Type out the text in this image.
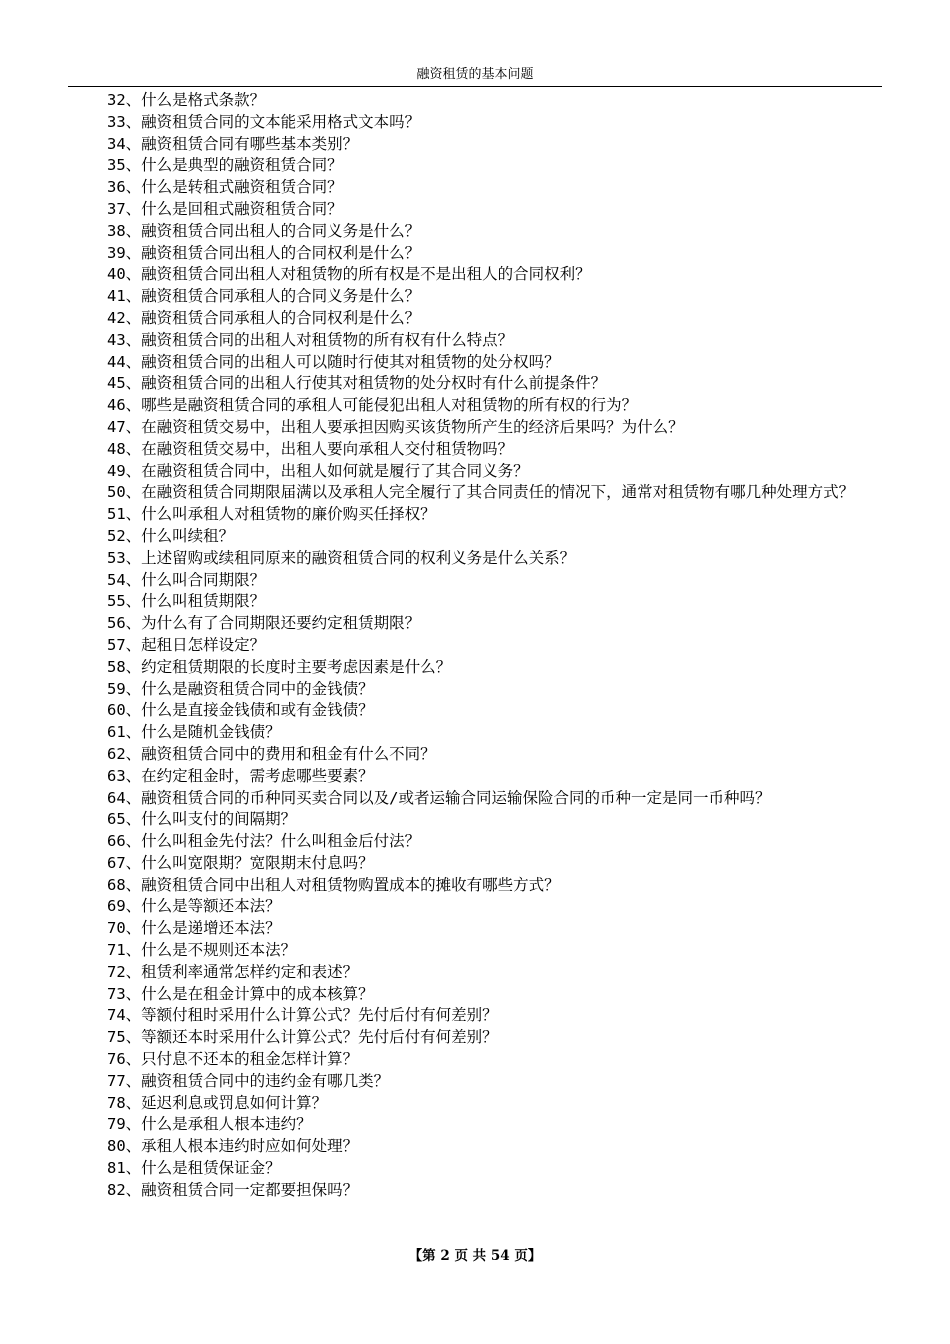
融资租赁的基本问题

32、什么是格式条款？

33、融资租赁合同的文本能采用格式文本吗？

34、融资租赁合同有哪些基本类别？

35、什么是典型的融资租赁合同？

36、什么是转租式融资租赁合同？

37、什么是回租式融资租赁合同？

38、融资租赁合同出租人的合同义务是什么？

39、融资租赁合同出租人的合同权利是什么？

40、融资租赁合同出租人对租赁物的所有权是不是出租人的合同权利？

41、融资租赁合同承租人的合同义务是什么？

42、融资租赁合同承租人的合同权利是什么？

43、融资租赁合同的出租人对租赁物的所有权有什么特点？

44、融资租赁合同的出租人可以随时行使其对租赁物的处分权吗？

45、融资租赁合同的出租人行使其对租赁物的处分权时有什么前提条件？

46、哪些是融资租赁合同的承租人可能侵犯出租人对租赁物的所有权的行为？

47、在融资租赁交易中，出租人要承担因购买该货物所产生的经济后果吗？为什么？

48、在融资租赁交易中，出租人要向承租人交付租赁物吗？

49、在融资租赁合同中，出租人如何就是履行了其合同义务？

50、在融资租赁合同期限届满以及承租人完全履行了其合同责任的情况下，通常对租赁物有哪几种处理方式？

51、什么叫承租人对租赁物的廉价购买任择权？

52、什么叫续租？

53、上述留购或续租同原来的融资租赁合同的权利义务是什么关系？

54、什么叫合同期限？

55、什么叫租赁期限？

56、为什么有了合同期限还要约定租赁期限？

57、起租日怎样设定？

58、约定租赁期限的长度时主要考虑因素是什么？

59、什么是融资租赁合同中的金钱债？

60、什么是直接金钱债和或有金钱债？

61、什么是随机金钱债？

62、融资租赁合同中的费用和租金有什么不同？

63、在约定租金时，需考虑哪些要素？

64、融资租赁合同的币种同买卖合同以及/或者运输合同运输保险合同的币种一定是同一币种吗？

65、什么叫支付的间隔期？

66、什么叫租金先付法？什么叫租金后付法？

67、什么叫宽限期？宽限期末付息吗？

68、融资租赁合同中出租人对租赁物购置成本的摊收有哪些方式？

69、什么是等额还本法？

70、什么是递增还本法？

71、什么是不规则还本法？

72、租赁利率通常怎样约定和表述？

73、什么是在租金计算中的成本核算？

74、等额付租时采用什么计算公式？先付后付有何差别？

75、等额还本时采用什么计算公式？先付后付有何差别？

76、只付息不还本的租金怎样计算？

77、融资租赁合同中的违约金有哪几类？

78、延迟利息或罚息如何计算？

79、什么是承租人根本违约？

80、承租人根本违约时应如何处理？

81、什么是租赁保证金？

82、融资租赁合同一定都要担保吗？

【第 2 页 共 54 页】
